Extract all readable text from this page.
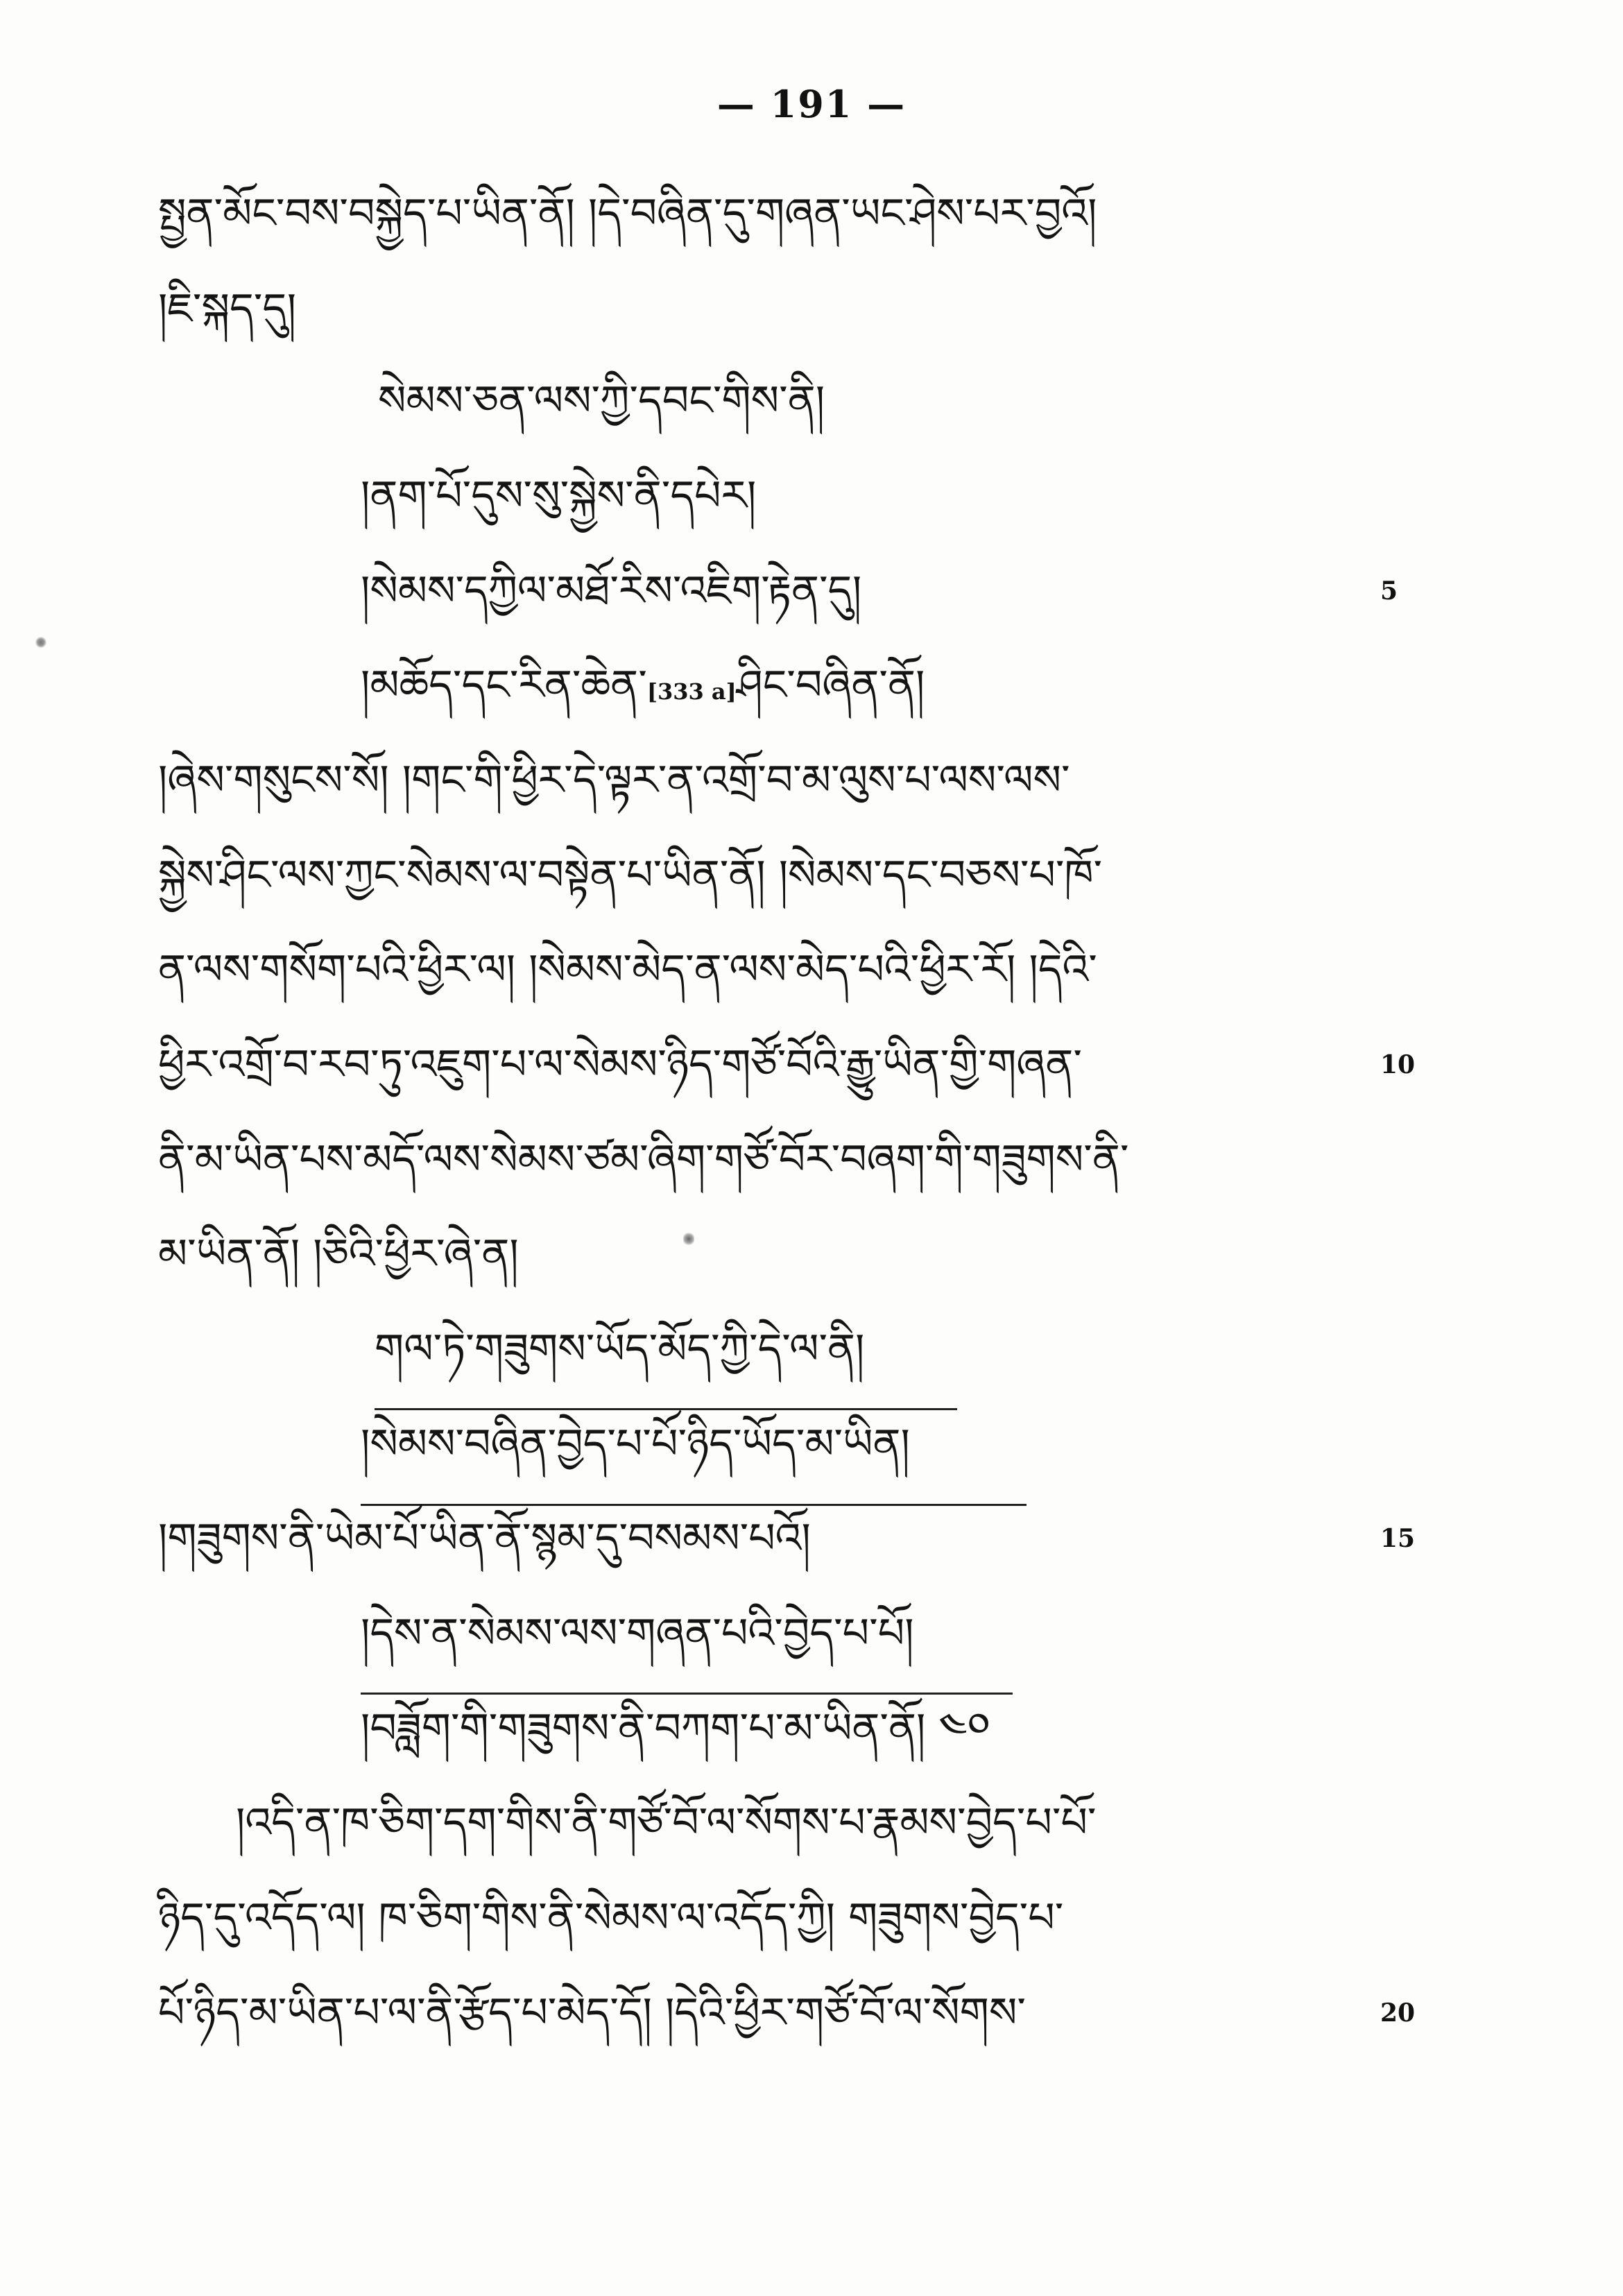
— 191 —
སྤྱན་མོང་བས་བསྐྱེད་པ་ཡིན་ནོ། །དེ་བཞིན་དུ་གཞན་ཡང་ཤེས་པར་བྱའོ།
།ཇི་སྐད་དུ།
སེམས་ཅན་ལས་ཀྱི་དབང་གིས་ནི།
།ནག་པོ་དུས་སུ་སྐྱེས་ནི་དཔེར།
།སེམས་དཀྱིལ་མཐོ་རིས་འཇིག་རྟེན་དུ།	5
།མཆོད་དང་རིན་ཆེན་[333 a]ཤིང་བཞིན་ནོ།
།ཞེས་གསུངས་སོ། །གང་གི་ཕྱིར་དེ་ལྟར་ན་འགྲོ་བ་མ་ལུས་པ་ལས་ལས་
སྐྱེས་ཤིང་ལས་ཀྱང་སེམས་ལ་བསྟེན་པ་ཡིན་ནོ། །སེམས་དང་བཅས་པ་ཁོ་
ན་ལས་གསོག་པའི་ཕྱིར་ལ། །སེམས་མེད་ན་ལས་མེད་པའི་ཕྱིར་རོ། །དེའི་
ཕྱིར་འགྲོ་བ་རབ་ཏུ་འཇུག་པ་ལ་སེམས་ཉིད་གཙོ་བོའི་རྒྱུ་ཡིན་གྱི་གཞན་	10
ནི་མ་ཡིན་པས་མདོ་ལས་སེམས་ཙམ་ཞིག་གཙོ་བོར་བཞག་གི་གཟུགས་ནི་
མ་ཡིན་ནོ། །ཅིའི་ཕྱིར་ཞེ་ན།
གལ་ཏེ་གཟུགས་ཡོད་མོད་ཀྱི་དེ་ལ་ནི།
།སེམས་བཞིན་བྱེད་པ་པོ་ཉིད་ཡོད་མ་ཡིན།
།གཟུགས་ནི་ཡེམ་པོ་ཡིན་ནོ་སྙམ་དུ་བསམས་པའོ།	15
།དེས་ན་སེམས་ལས་གཞན་པའི་བྱེད་པ་པོ།
།བཟློག་གི་གཟུགས་ནི་བཀག་པ་མ་ཡིན་ནོ། ༤༠
།འདི་ན་ཁ་ཅིག་དག་གིས་ནི་གཙོ་བོ་ལ་སོགས་པ་རྣམས་བྱེད་པ་པོ་
ཉིད་དུ་འདོད་ལ། ཁ་ཅིག་གིས་ནི་སེམས་ལ་འདོད་ཀྱི། གཟུགས་བྱེད་པ་
པོ་ཉིད་མ་ཡིན་པ་ལ་ནི་རྩོད་པ་མེད་དོ། །དེའི་ཕྱིར་གཙོ་བོ་ལ་སོགས་	20
